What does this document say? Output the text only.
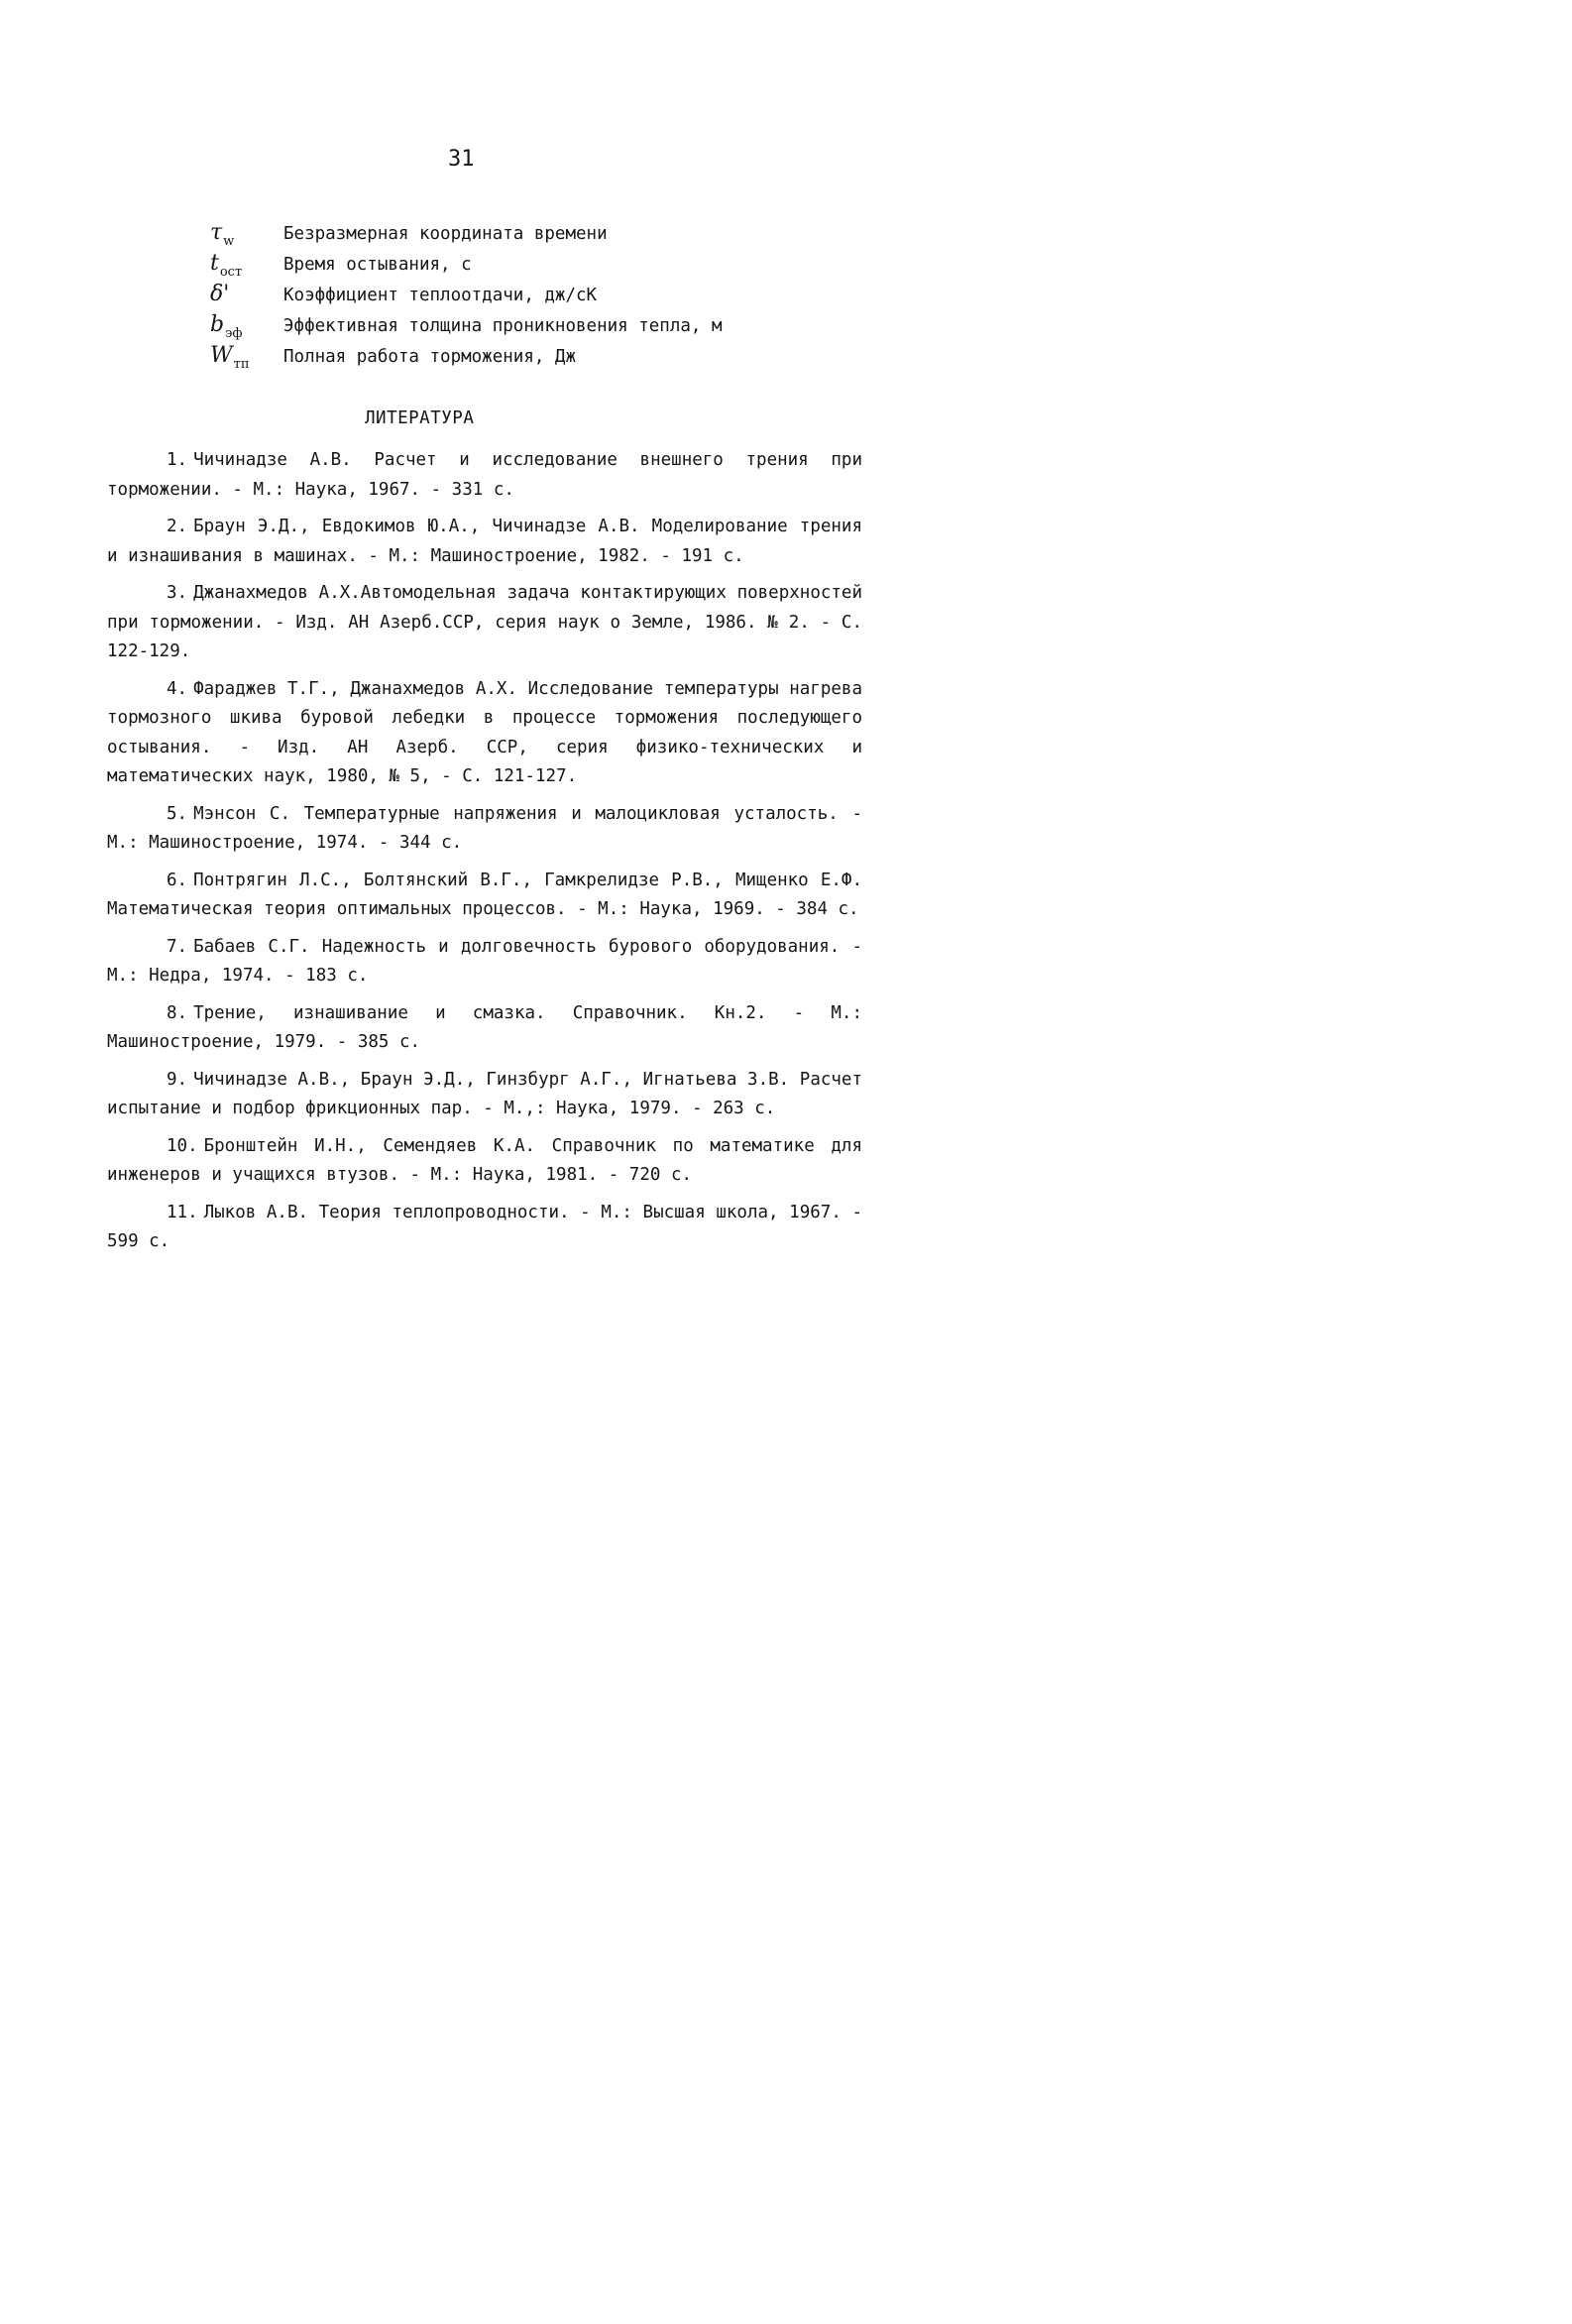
31
$\tau_w$	Безразмерная координата времени
$t_{ост}$	Время остывания, с
δ'	Коэффициент теплоотдачи, дж/сК
$b_{эф}$	Эффективная толщина проникновения тепла, м
$W_{тп}$	Полная работа торможения, Дж
ЛИТЕРАТУРА

1. Чичинадзе А.В. Расчет и исследование внешнего трения при торможении. - М.: Наука, 1967. - 331 с.

2. Браун Э.Д., Евдокимов Ю.А., Чичинадзе А.В. Моделирование трения и изнашивания в машинах. - М.: Машиностроение, 1982. - 191 с.

3. Джанахмедов А.Х.Автомодельная задача контактирующих поверхностей при торможении. - Изд. АН Азерб.ССР, серия наук о Земле, 1986. № 2. - С. 122-129.

4. Фараджев Т.Г., Джанахмедов А.Х. Исследование температуры нагрева тормозного шкива буровой лебедки в процессе торможения последующего остывания. - Изд. АН Азерб. ССР, серия физико-технических и математических наук, 1980, № 5, - С. 121-127.

5. Мэнсон С. Температурные напряжения и малоцикловая усталость. - М.: Машиностроение, 1974. - 344 с.

6. Понтрягин Л.С., Болтянский В.Г., Гамкрелидзе Р.В., Мищенко Е.Ф. Математическая теория оптимальных процессов. - М.: Наука, 1969. - 384 с.

7. Бабаев С.Г. Надежность и долговечность бурового оборудования. - М.: Недра, 1974. - 183 с.

8. Трение, изнашивание и смазка. Справочник. Кн.2. - М.: Машиностроение, 1979. - 385 с.

9. Чичинадзе А.В., Браун Э.Д., Гинзбург А.Г., Игнатьева З.В. Расчет испытание и подбор фрикционных пар. - М.,: Наука, 1979. - 263 с.

10. Бронштейн И.Н., Семендяев К.А. Справочник по математике для инженеров и учащихся втузов. - М.: Наука, 1981. - 720 с.

11. Лыков А.В. Теория теплопроводности. - М.: Высшая школа, 1967. - 599 с.
